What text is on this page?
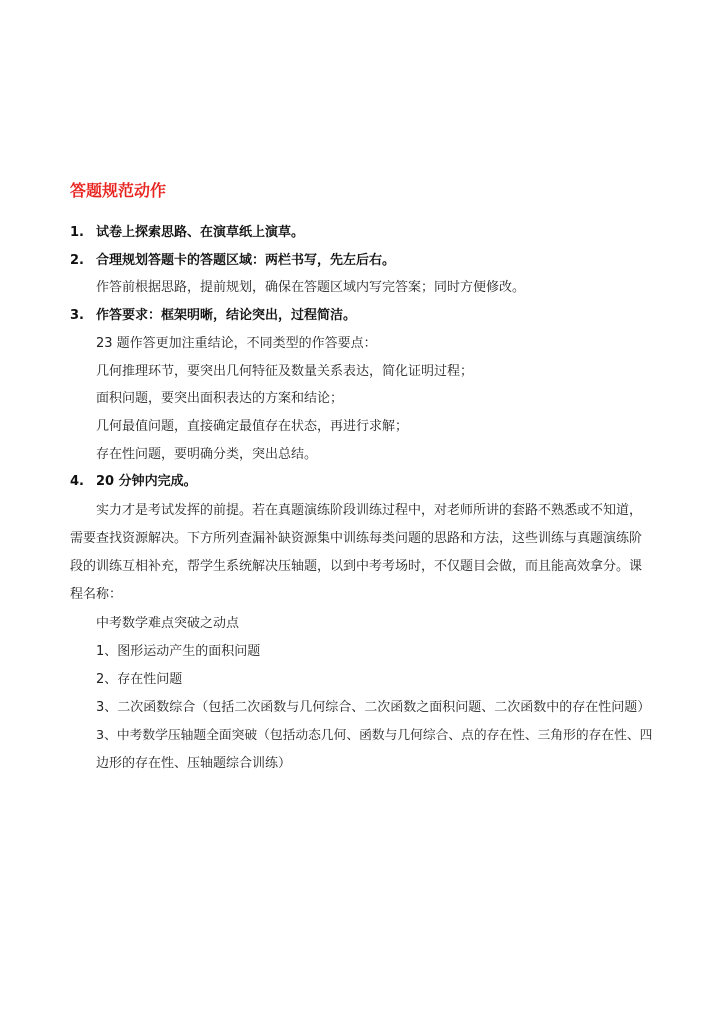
答题规范动作
1. 试卷上探索思路、在演草纸上演草。
2. 合理规划答题卡的答题区域：两栏书写，先左后右。
作答前根据思路，提前规划，确保在答题区域内写完答案；同时方便修改。
3. 作答要求：框架明晰，结论突出，过程简洁。
23 题作答更加注重结论，不同类型的作答要点：
几何推理环节，要突出几何特征及数量关系表达，简化证明过程；
面积问题，要突出面积表达的方案和结论；
几何最值问题，直接确定最值存在状态，再进行求解；
存在性问题，要明确分类，突出总结。
4. 20 分钟内完成。
实力才是考试发挥的前提。若在真题演练阶段训练过程中，对老师所讲的套路不熟悉或不知道，
需要查找资源解决。下方所列查漏补缺资源集中训练每类问题的思路和方法，这些训练与真题演练阶
段的训练互相补充，帮学生系统解决压轴题，以到中考考场时，不仅题目会做，而且能高效拿分。课
程名称：
中考数学难点突破之动点
1、图形运动产生的面积问题
2、存在性问题
3、二次函数综合（包括二次函数与几何综合、二次函数之面积问题、二次函数中的存在性问题）
3、中考数学压轴题全面突破（包括动态几何、函数与几何综合、点的存在性、三角形的存在性、四
边形的存在性、压轴题综合训练）
